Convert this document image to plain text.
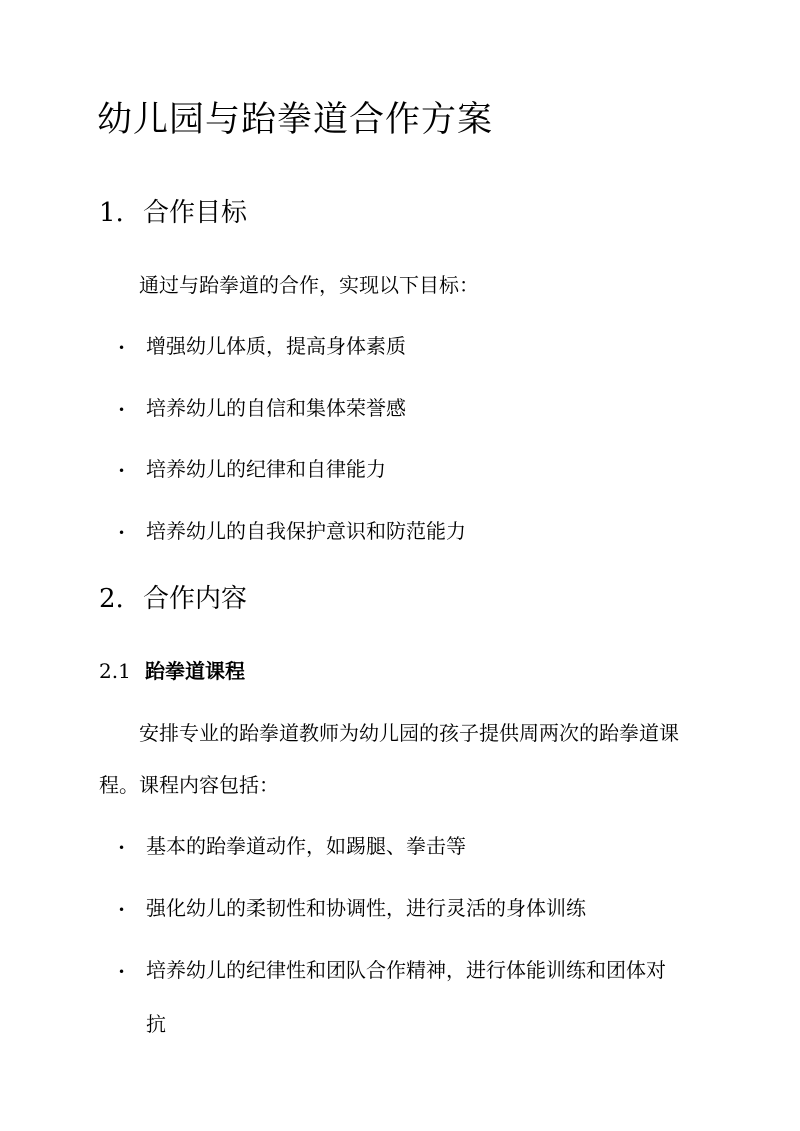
幼儿园与跆拳道合作方案
1. 合作目标

通过与跆拳道的合作，实现以下目标：

• 增强幼儿体质，提高身体素质

• 培养幼儿的自信和集体荣誉感

• 培养幼儿的纪律和自律能力

• 培养幼儿的自我保护意识和防范能力

2. 合作内容
2.1 跆拳道课程

安排专业的跆拳道教师为幼儿园的孩子提供周两次的跆拳道课

程。课程内容包括：

• 基本的跆拳道动作，如踢腿、拳击等

• 强化幼儿的柔韧性和协调性，进行灵活的身体训练

• 培养幼儿的纪律性和团队合作精神，进行体能训练和团体对

抗
